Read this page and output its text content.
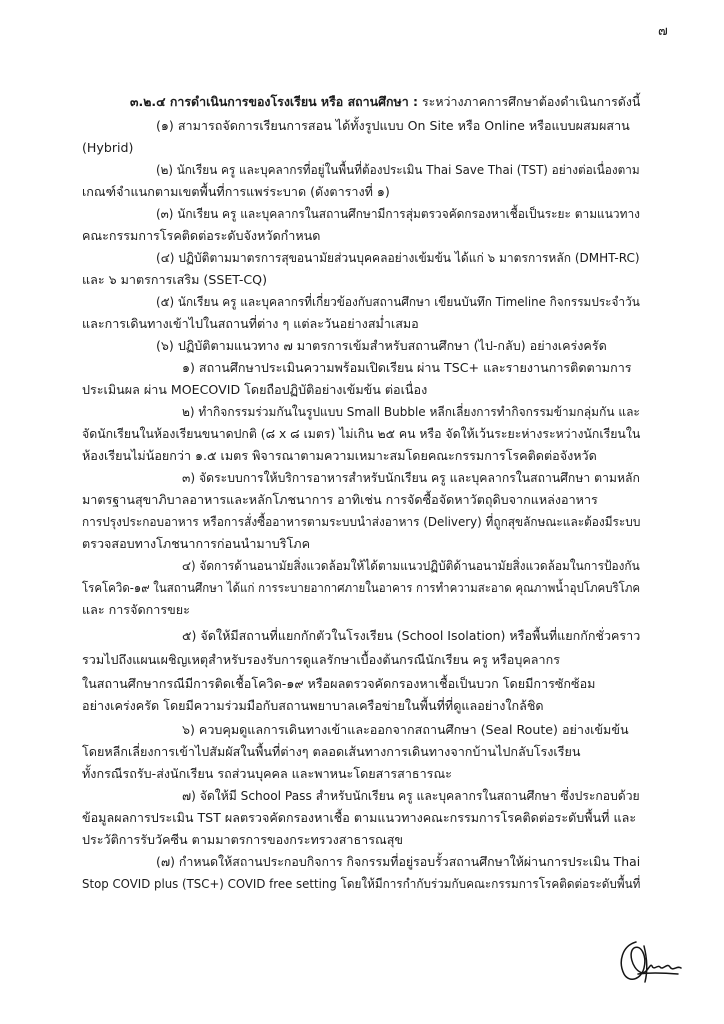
๗
๓.๒.๔ การดำเนินการของโรงเรียน หรือ สถานศึกษา : ระหว่างภาคการศึกษาต้องดำเนินการดังนี้
(๑) สามารถจัดการเรียนการสอน ได้ทั้งรูปแบบ On Site หรือ Online หรือแบบผสมผสาน
(Hybrid)
(๒) นักเรียน ครู และบุคลากรที่อยู่ในพื้นที่ต้องประเมิน Thai Save Thai (TST) อย่างต่อเนื่องตาม
เกณฑ์จำแนกตามเขตพื้นที่การแพร่ระบาด (ดังตารางที่ ๑)
(๓) นักเรียน ครู และบุคลากรในสถานศึกษามีการสุ่มตรวจคัดกรองหาเชื้อเป็นระยะ ตามแนวทาง
คณะกรรมการโรคติดต่อระดับจังหวัดกำหนด
(๔) ปฏิบัติตามมาตรการสุขอนามัยส่วนบุคคลอย่างเข้มข้น ได้แก่ ๖ มาตรการหลัก (DMHT-RC)
และ ๖ มาตรการเสริม (SSET-CQ)
(๕) นักเรียน ครู และบุคลากรที่เกี่ยวข้องกับสถานศึกษา เขียนบันทึก Timeline กิจกรรมประจำวัน
และการเดินทางเข้าไปในสถานที่ต่าง ๆ แต่ละวันอย่างสม่ำเสมอ
(๖) ปฏิบัติตามแนวทาง ๗ มาตรการเข้มสำหรับสถานศึกษา (ไป-กลับ) อย่างเคร่งครัด
๑) สถานศึกษาประเมินความพร้อมเปิดเรียน ผ่าน TSC+ และรายงานการติดตามการ
ประเมินผล ผ่าน MOECOVID โดยถือปฏิบัติอย่างเข้มข้น ต่อเนื่อง
๒) ทำกิจกรรมร่วมกันในรูปแบบ Small Bubble หลีกเลี่ยงการทำกิจกรรมข้ามกลุ่มกัน และ
จัดนักเรียนในห้องเรียนขนาดปกติ (๘ x ๘ เมตร) ไม่เกิน ๒๕ คน หรือ จัดให้เว้นระยะห่างระหว่างนักเรียนใน
ห้องเรียนไม่น้อยกว่า ๑.๕ เมตร พิจารณาตามความเหมาะสมโดยคณะกรรมการโรคติดต่อจังหวัด
๓) จัดระบบการให้บริการอาหารสำหรับนักเรียน ครู และบุคลากรในสถานศึกษา ตามหลัก
มาตรฐานสุขาภิบาลอาหารและหลักโภชนาการ อาทิเช่น การจัดซื้อจัดหาวัตถุดิบจากแหล่งอาหาร
การปรุงประกอบอาหาร หรือการสั่งซื้ออาหารตามระบบนำส่งอาหาร (Delivery) ที่ถูกสุขลักษณะและต้องมีระบบ
ตรวจสอบทางโภชนาการก่อนนำมาบริโภค
๔) จัดการด้านอนามัยสิ่งแวดล้อมให้ได้ตามแนวปฏิบัติด้านอนามัยสิ่งแวดล้อมในการป้องกัน
โรคโควิด-๑๙ ในสถานศึกษา ได้แก่ การระบายอากาศภายในอาคาร การทำความสะอาด คุณภาพน้ำอุปโภคบริโภค
และ การจัดการขยะ
๕) จัดให้มีสถานที่แยกกักตัวในโรงเรียน (School Isolation) หรือพื้นที่แยกกักชั่วคราว
รวมไปถึงแผนเผชิญเหตุสำหรับรองรับการดูแลรักษาเบื้องต้นกรณีนักเรียน ครู หรือบุคลากร
ในสถานศึกษากรณีมีการติดเชื้อโควิด-๑๙ หรือผลตรวจคัดกรองหาเชื้อเป็นบวก โดยมีการซักซ้อม
อย่างเคร่งครัด โดยมีความร่วมมือกับสถานพยาบาลเครือข่ายในพื้นที่ที่ดูแลอย่างใกล้ชิด
๖) ควบคุมดูแลการเดินทางเข้าและออกจากสถานศึกษา (Seal Route) อย่างเข้มข้น
โดยหลีกเลี่ยงการเข้าไปสัมผัสในพื้นที่ต่างๆ ตลอดเส้นทางการเดินทางจากบ้านไปกลับโรงเรียน
ทั้งกรณีรถรับ-ส่งนักเรียน รถส่วนบุคคล และพาหนะโดยสารสาธารณะ
๗) จัดให้มี School Pass สำหรับนักเรียน ครู และบุคลากรในสถานศึกษา ซึ่งประกอบด้วย
ข้อมูลผลการประเมิน TST ผลตรวจคัดกรองหาเชื้อ ตามแนวทางคณะกรรมการโรคติดต่อระดับพื้นที่ และ
ประวัติการรับวัคซีน ตามมาตรการของกระทรวงสาธารณสุข
(๗) กำหนดให้สถานประกอบกิจการ กิจกรรมที่อยู่รอบรั้วสถานศึกษาให้ผ่านการประเมิน Thai
Stop COVID plus (TSC+) COVID free setting โดยให้มีการกำกับร่วมกับคณะกรรมการโรคติดต่อระดับพื้นที่
